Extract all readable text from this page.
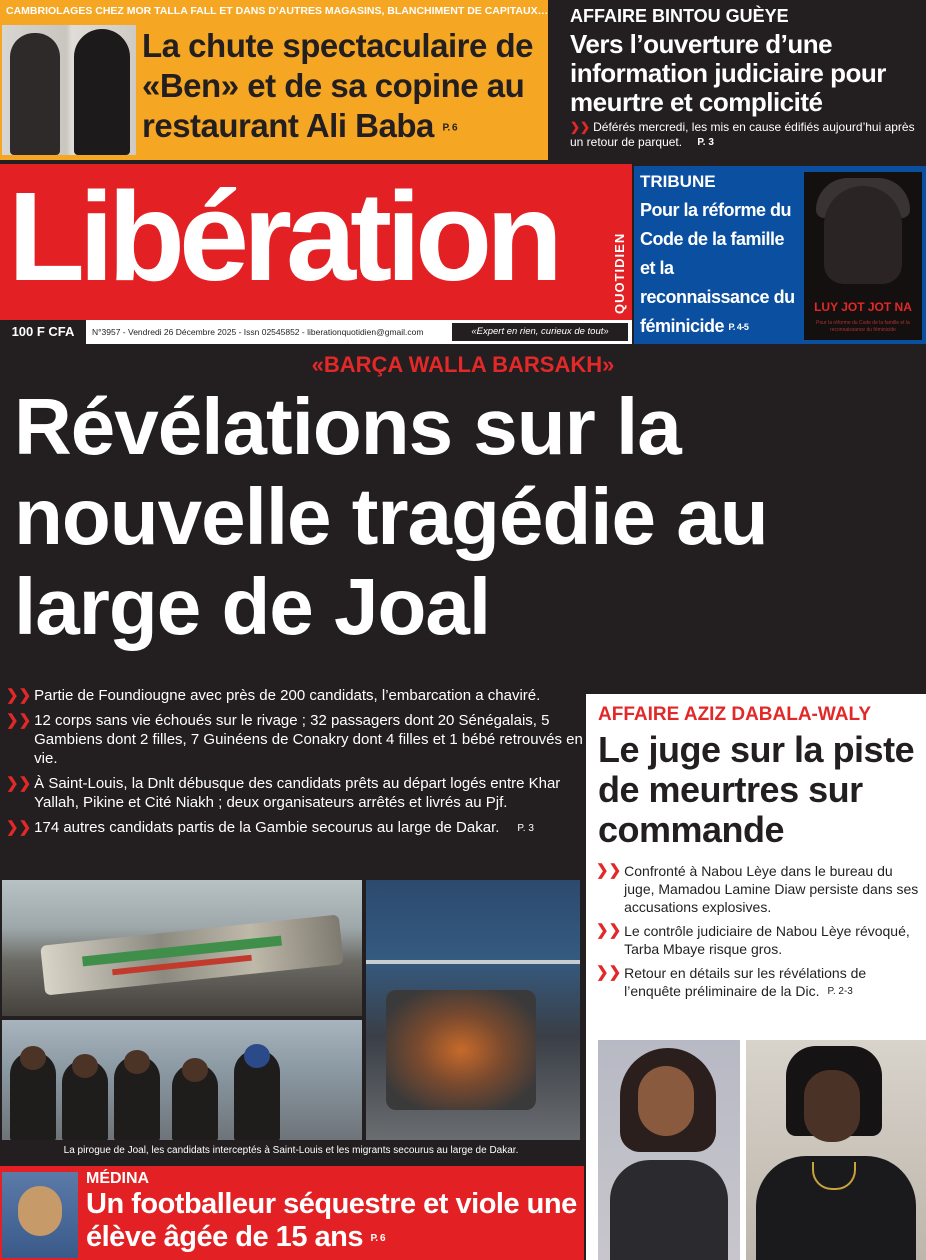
CAMBRIOLAGES CHEZ MOR TALLA FALL ET DANS D’AUTRES MAGASINS, BLANCHIMENT DE CAPITAUX…
La chute spectaculaire de «Ben» et de sa copine au restaurant Ali Baba P. 6
AFFAIRE BINTOU GUÈYE
Vers l’ouverture d’une information judiciaire pour meurtre et complicité
❯❯ Déférés mercredi, les mis en cause édifiés aujourd’hui après un retour de parquet. P. 3
Libération	QUOTIDIEN
100 F CFA	N°3957 - Vendredi 26 Décembre 2025 - Issn 02545852 - liberationquotidien@gmail.com	«Expert en rien, curieux de tout»
TRIBUNE
Pour la réforme du Code de la famille et la reconnaissance du féminicide P. 4-5
LUY JOT JOT NA
Pour la réforme du Code de la famille et la reconnaissance du féminicide
«BARÇA WALLA BARSAKH»
Révélations sur la nouvelle tragédie au large de Joal
❯❯ Partie de Foundiougne avec près de 200 candidats, l’embarcation a chaviré.
❯❯ 12 corps sans vie échoués sur le rivage ; 32 passagers dont 20 Sénégalais, 5 Gambiens dont 2 filles, 7 Guinéens de Conakry dont 4 filles et 1 bébé retrouvés en vie.
❯❯ À Saint-Louis, la Dnlt débusque des candidats prêts au départ logés entre Khar Yallah, Pikine et Cité Niakh ; deux organisateurs arrêtés et livrés au Pjf.
❯❯ 174 autres candidats partis de la Gambie secourus au large de Dakar. P. 3
La pirogue de Joal, les candidats interceptés à Saint-Louis et les migrants secourus au large de Dakar.
MÉDINA
Un footballeur séquestre et viole une élève âgée de 15 ans P. 6
AFFAIRE AZIZ DABALA-WALY
Le juge sur la piste de meurtres sur commande
❯❯ Confronté à Nabou Lèye dans le bureau du juge, Mamadou Lamine Diaw persiste dans ses accusations explosives.
❯❯ Le contrôle judiciaire de Nabou Lèye révoqué, Tarba Mbaye risque gros.
❯❯ Retour en détails sur les révélations de l’enquête préliminaire de la Dic. P. 2-3
